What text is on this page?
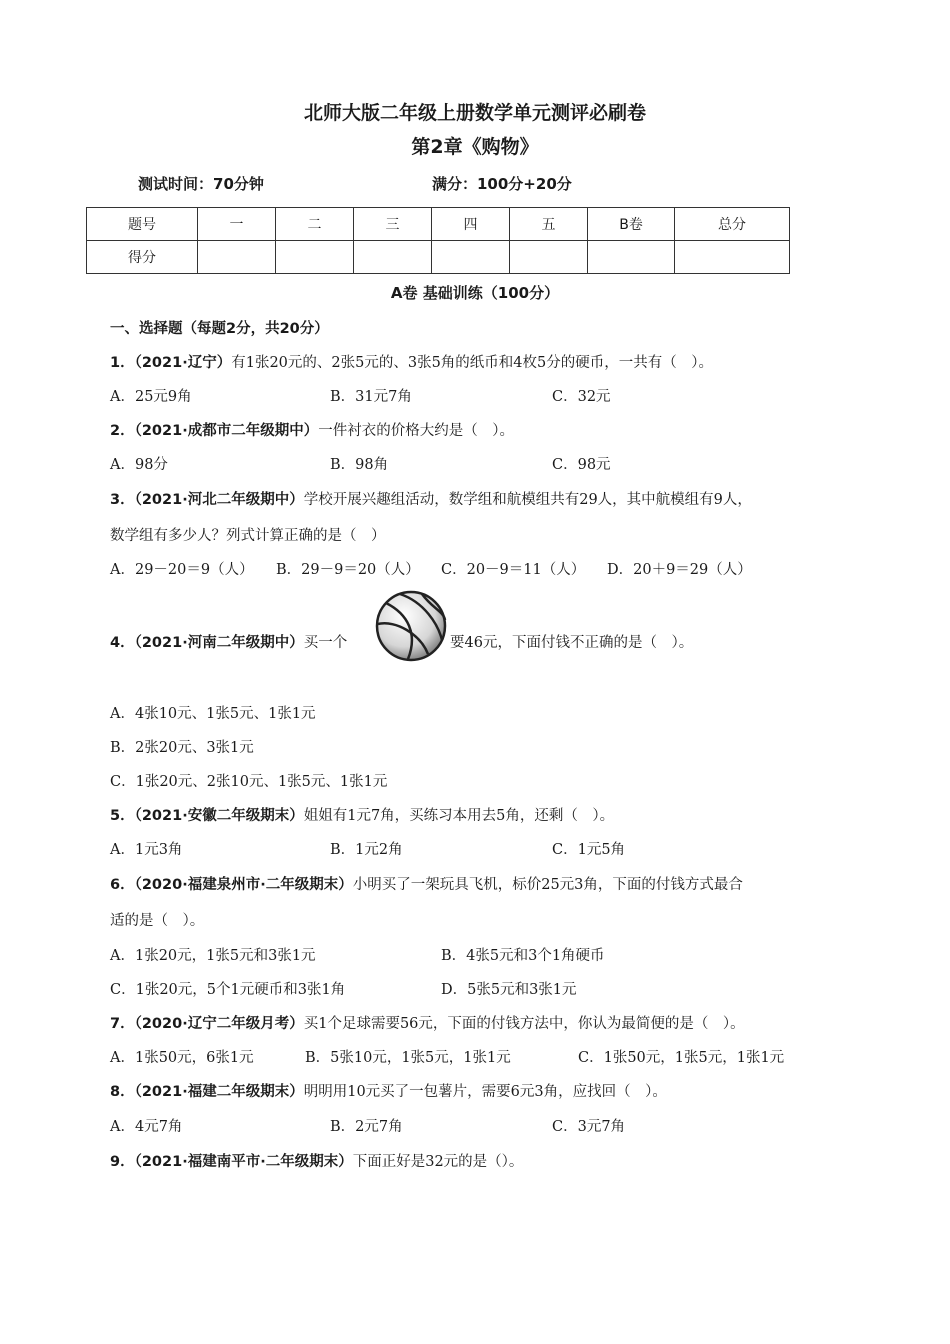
北师大版二年级上册数学单元测评必刷卷
第2章《购物》
测试时间：70分钟	满分：100分+20分
题号	一	二	三	四	五	B卷	总分
得分							
A卷 基础训练（100分）
一、选择题（每题2分，共20分）
1．（2021·辽宁）有1张20元的、2张5元的、3张5角的纸币和4枚5分的硬币，一共有（　）。
A．25元9角	B．31元7角	C．32元
2．（2021·成都市二年级期中）一件衬衣的价格大约是（　）。
A．98分	B．98角	C．98元
3．（2021·河北二年级期中）学校开展兴趣组活动，数学组和航模组共有29人，其中航模组有9人，
数学组有多少人？列式计算正确的是（　）
A．29－20＝9（人） B．29－9＝20（人） C．20－9＝11（人） D．20＋9＝29（人）
4．（2021·河南二年级期中）买一个	要46元，下面付钱不正确的是（　）。
A．4张10元、1张5元、1张1元
B．2张20元、3张1元
C．1张20元、2张10元、1张5元、1张1元
5．（2021·安徽二年级期末）姐姐有1元7角，买练习本用去5角，还剩（　）。
A．1元3角	B．1元2角	C．1元5角
6．（2020·福建泉州市·二年级期末）小明买了一架玩具飞机，标价25元3角，下面的付钱方式最合
适的是（　）。
A．1张20元，1张5元和3张1元	B．4张5元和3个1角硬币
C．1张20元，5个1元硬币和3张1角	D．5张5元和3张1元
7．（2020·辽宁二年级月考）买1个足球需要56元，下面的付钱方法中，你认为最简便的是（　）。
A．1张50元，6张1元	B．5张10元，1张5元，1张1元	C．1张50元，1张5元，1张1元
8．（2021·福建二年级期末）明明用10元买了一包薯片，需要6元3角，应找回（　）。
A．4元7角	B．2元7角	C．3元7角
9．（2021·福建南平市·二年级期末）下面正好是32元的是（）。
